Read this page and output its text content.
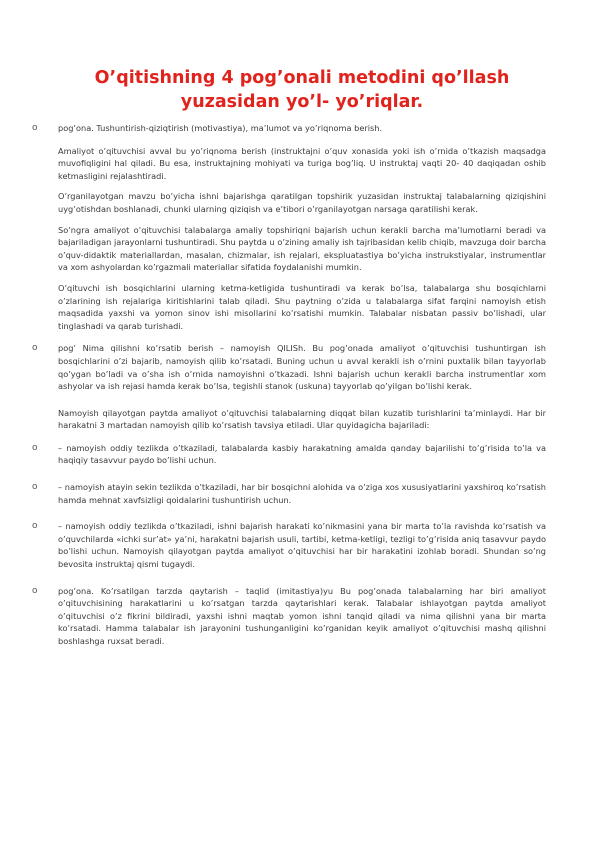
O’qitishning 4 pog’onali metodini qo’llash yuzasidan yo’l- yo’riqlar.

o pog’ona. Tushuntirish-qiziqtirish (motivastiya), ma’lumot va yo’riqnoma berish.

Amaliyot o’qituvchisi avval bu yo’riqnoma berish (instruktajni o’quv xonasida yoki ish o’rnida o’tkazish maqsadga muvofiqligini hal qiladi. Bu esa, instruktajning mohiyati va turiga bog’liq. U instruktaj vaqti 20- 40 daqiqadan oshib ketmasligini rejalashtiradi.

O’rganilayotgan mavzu bo’yicha ishni bajarishga qaratilgan topshirik yuzasidan instruktaj talabalarning qiziqishini uyg’otishdan boshlanadi, chunki ularning qiziqish va e’tibori o’rganilayotgan narsaga qaratilishi kerak.

So’ngra amaliyot o’qituvchisi talabalarga amaliy topshiriqni bajarish uchun kerakli barcha ma’lumotlarni beradi va bajariladigan jarayonlarni tushuntiradi. Shu paytda u o’zining amaliy ish tajribasidan kelib chiqib, mavzuga doir barcha o’quv-didaktik materiallardan, masalan, chizmalar, ish rejalari, ekspluatastiya bo’yicha instrukstiyalar, instrumentlar va xom ashyolardan ko’rgazmali materiallar sifatida foydalanishi mumkin.

O’qituvchi ish bosqichlarini ularning ketma-ketligida tushuntiradi va kerak bo’lsa, talabalarga shu bosqichlarni o’zlarining ish rejalariga kiritishlarini talab qiladi. Shu paytning o’zida u talabalarga sifat farqini namoyish etish maqsadida yaxshi va yomon sinov ishi misollarini ko’rsatishi mumkin. Talabalar nisbatan passiv bo’lishadi, ular tinglashadi va qarab turishadi.

o pog’ Nima qilishni ko’rsatib berish – namoyish QILISh. Bu pog’onada amaliyot o’qituvchisi tushuntirgan ish bosqichlarini o’zi bajarib, namoyish qilib ko’rsatadi. Buning uchun u avval kerakli ish o’rnini puxtalik bilan tayyorlab qo’ygan bo’ladi va o’sha ish o’rnida namoyishni o’tkazadi. Ishni bajarish uchun kerakli barcha instrumentlar xom ashyolar va ish rejasi hamda kerak bo’lsa, tegishli stanok (uskuna) tayyorlab qo’yilgan bo’lishi kerak.

Namoyish qilayotgan paytda amaliyot o’qituvchisi talabalarning diqqat bilan kuzatib turishlarini ta’minlaydi. Har bir harakatni 3 martadan namoyish qilib ko’rsatish tavsiya etiladi. Ular quyidagicha bajariladi:

o – namoyish oddiy tezlikda o’tkaziladi, talabalarda kasbiy harakatning amalda qanday bajarilishi to’g’risida to’la va haqiqiy tasavvur paydo bo’lishi uchun.

o – namoyish atayin sekin tezlikda o’tkaziladi, har bir bosqichni alohida va o’ziga xos xususiyatlarini yaxshiroq ko’rsatish hamda mehnat xavfsizligi qoidalarini tushuntirish uchun.

o – namoyish oddiy tezlikda o’tkaziladi, ishni bajarish harakati ko’nikmasini yana bir marta to’la ravishda ko’rsatish va o’quvchilarda «ichki sur’at» ya’ni, harakatni bajarish usuli, tartibi, ketma-ketligi, tezligi to’g’risida aniq tasavvur paydo bo’lishi uchun. Namoyish qilayotgan paytda amaliyot o’qituvchisi har bir harakatini izohlab boradi. Shundan so’ng bevosita instruktaj qismi tugaydi.

o pog’ona. Ko’rsatilgan tarzda qaytarish – taqlid (imitastiya)yu Bu pog’onada talabalarning har biri amaliyot o’qituvchisining harakatlarini u ko’rsatgan tarzda qaytarishlari kerak. Talabalar ishlayotgan paytda amaliyot o’qituvchisi o’z fikrini bildiradi, yaxshi ishni maqtab yomon ishni tanqid qiladi va nima qilishni yana bir marta ko’rsatadi. Hamma talabalar ish jarayonini tushunganligini ko’rganidan keyik amaliyot o’qituvchisi mashq qilishni boshlashga ruxsat beradi.
